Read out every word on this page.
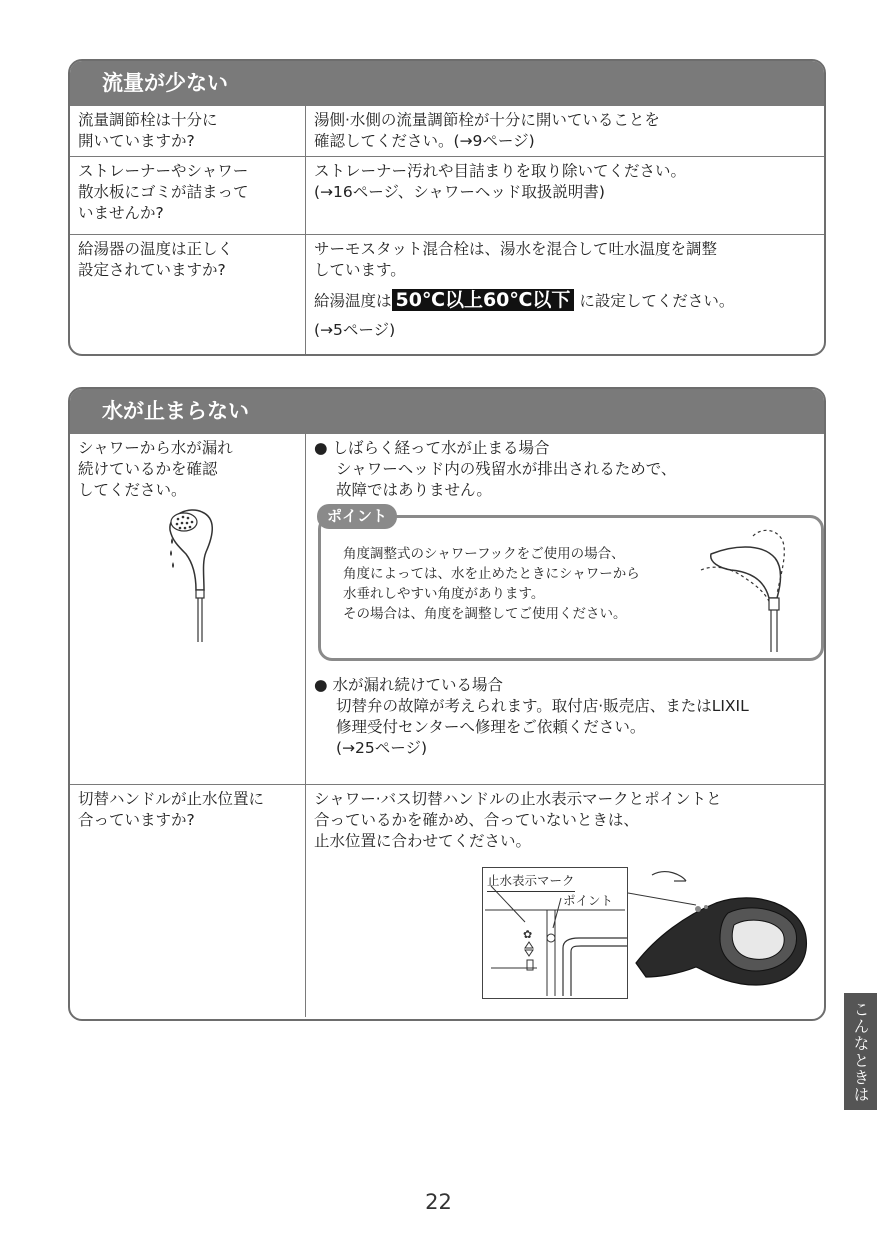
流量が少ない
流量調節栓は十分に
開いていますか?
湯側·水側の流量調節栓が十分に開いていることを
確認してください。(→9ページ)
ストレーナーやシャワー
散水板にゴミが詰まって
いませんか?
ストレーナー汚れや目詰まりを取り除いてください。
(→16ページ、シャワーヘッド取扱説明書)
給湯器の温度は正しく
設定されていますか?
サーモスタット混合栓は、湯水を混合して吐水温度を調整
しています。
給湯温度は 50℃以上60℃以下 に設定してください。
(→5ページ)
水が止まらない
シャワーから水が漏れ
続けているかを確認
してください。
● しばらく経って水が止まる場合
シャワーヘッド内の残留水が排出されるためで、
故障ではありません。
ポイント
角度調整式のシャワーフックをご使用の場合、
角度によっては、水を止めたときにシャワーから
水垂れしやすい角度があります。
その場合は、角度を調整してご使用ください。
● 水が漏れ続けている場合
切替弁の故障が考えられます。取付店·販売店、またはLIXIL
修理受付センターへ修理をご依頼ください。
(→25ページ)
切替ハンドルが止水位置に
合っていますか?
シャワー·バス切替ハンドルの止水表示マークとポイントと
合っているかを確かめ、合っていないときは、
止水位置に合わせてください。
止水表示マーク
ポイント
✿
こんなときは
22
